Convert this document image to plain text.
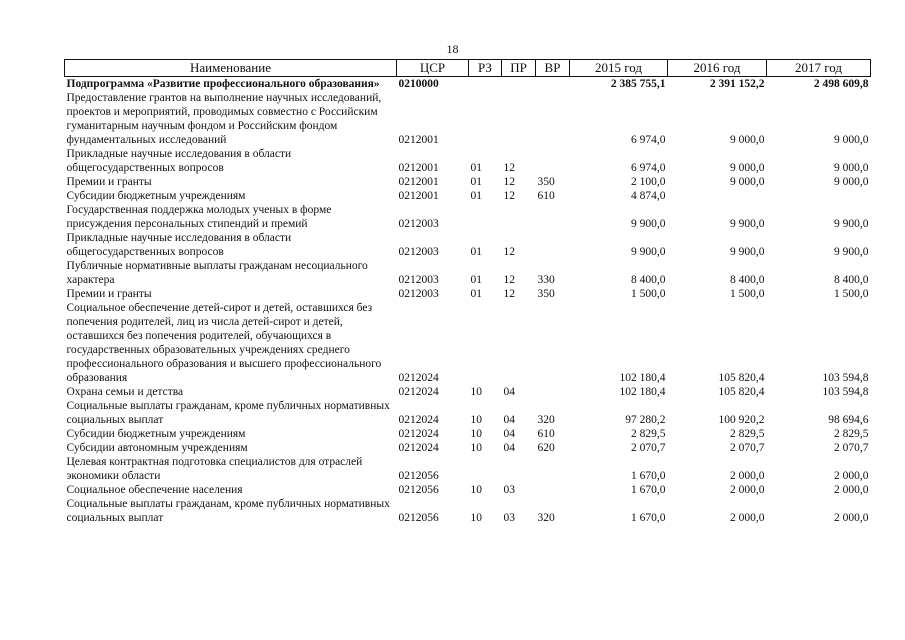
18
Наименование	ЦСР	РЗ	ПР	ВР	2015 год	2016 год	2017 год
Подпрограмма «Развитие профессионального образования»	0210000				2 385 755,1	2 391 152,2	2 498 609,8
Предоставление грантов на выполнение научных исследований, проектов и мероприятий, проводимых совместно с Российским гуманитарным научным фондом и Российским фондом фундаментальных исследований	0212001				6 974,0	9 000,0	9 000,0
Прикладные научные исследования в области общегосударственных вопросов	0212001	01	12		6 974,0	9 000,0	9 000,0
Премии и гранты	0212001	01	12	350	2 100,0	9 000,0	9 000,0
Субсидии бюджетным учреждениям	0212001	01	12	610	4 874,0		
Государственная поддержка молодых ученых в форме присуждения персональных стипендий и премий	0212003				9 900,0	9 900,0	9 900,0
Прикладные научные исследования в области общегосударственных вопросов	0212003	01	12		9 900,0	9 900,0	9 900,0
Публичные нормативные выплаты гражданам несоциального характера	0212003	01	12	330	8 400,0	8 400,0	8 400,0
Премии и гранты	0212003	01	12	350	1 500,0	1 500,0	1 500,0
Социальное обеспечение детей-сирот и детей, оставшихся без попечения родителей, лиц из числа детей-сирот и детей, оставшихся без попечения родителей, обучающихся в государственных образовательных учреждениях среднего профессионального образования и высшего профессионального образования	0212024				102 180,4	105 820,4	103 594,8
Охрана семьи и детства	0212024	10	04		102 180,4	105 820,4	103 594,8
Социальные выплаты гражданам, кроме публичных нормативных социальных выплат	0212024	10	04	320	97 280,2	100 920,2	98 694,6
Субсидии бюджетным учреждениям	0212024	10	04	610	2 829,5	2 829,5	2 829,5
Субсидии автономным учреждениям	0212024	10	04	620	2 070,7	2 070,7	2 070,7
Целевая контрактная подготовка специалистов для отраслей экономики области	0212056				1 670,0	2 000,0	2 000,0
Социальное обеспечение населения	0212056	10	03		1 670,0	2 000,0	2 000,0
Социальные выплаты гражданам, кроме публичных нормативных социальных выплат	0212056	10	03	320	1 670,0	2 000,0	2 000,0
